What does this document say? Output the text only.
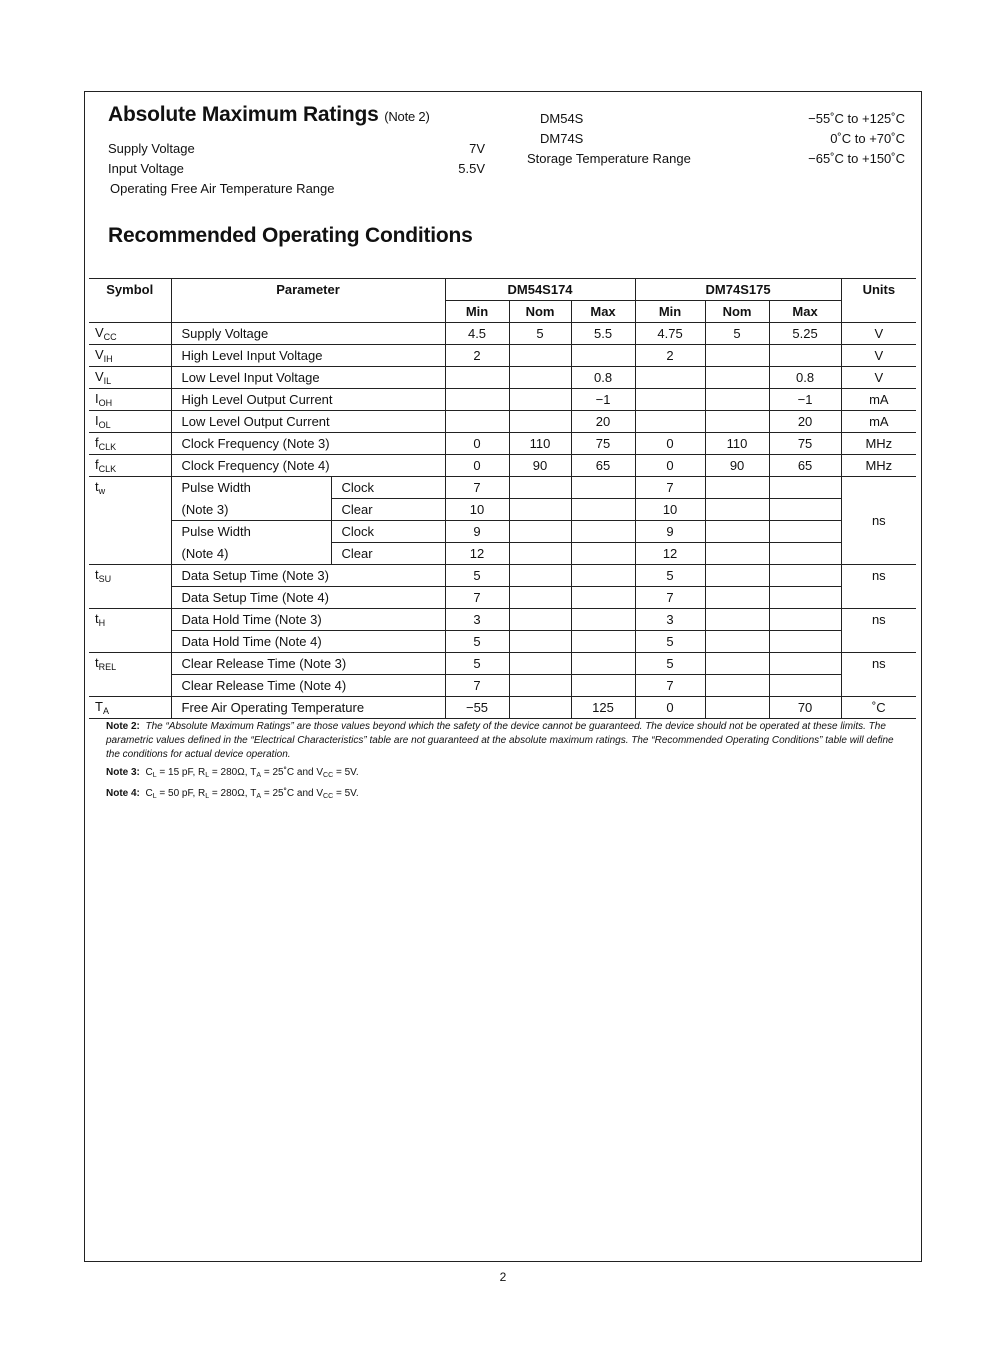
Absolute Maximum Ratings (Note 2)
Supply Voltage	7V
Input Voltage	5.5V
Operating Free Air Temperature Range
DM54S	−55˚C to +125˚C
DM74S	0˚C to +70˚C
Storage Temperature Range	−65˚C to +150˚C
Recommended Operating Conditions
Symbol	Parameter		DM54S174			DM74S175			Units
			Min	Nom	Max	Min	Nom	Max	
$V_{CC}$	Supply Voltage		4.5	5	5.5	4.75	5	5.25	V
$V_{IH}$	High Level Input Voltage		2			2			V
$V_{IL}$	Low Level Input Voltage				0.8			0.8	V
$I_{OH}$	High Level Output Current				−1			−1	mA
$I_{OL}$	Low Level Output Current				20			20	mA
$f_{CLK}$	Clock Frequency (Note 3)		0	110	75	0	110	75	MHz
$f_{CLK}$	Clock Frequency (Note 4)		0	90	65	0	90	65	MHz
$t_w$	Pulse Width	Clock	7			7			ns
	(Note 3)	Clear	10			10			
	Pulse Width	Clock	9			9			
	(Note 4)	Clear	12			12			
$t_{SU}$	Data Setup Time (Note 3)		5			5			ns
	Data Setup Time (Note 4)		7			7			
$t_H$	Data Hold Time (Note 3)		3			3			ns
	Data Hold Time (Note 4)		5			5			
$t_{REL}$	Clear Release Time (Note 3)		5			5			ns
	Clear Release Time (Note 4)		7			7			
$T_A$	Free Air Operating Temperature		−55		125	0		70	˚C

Note 2: The “Absolute Maximum Ratings” are those values beyond which the safety of the device cannot be guaranteed. The device should not be operated at these limits. The parametric values defined in the “Electrical Characteristics” table are not guaranteed at the absolute maximum ratings. The “Recommended Operating Conditions” table will define the conditions for actual device operation.

Note 3: $C_L = 15$ pF, $R_L = 280\Omega$, $T_A$ = 25˚C and $V_{CC} = 5V$.

Note 4: $C_L = 50$ pF, $R_L = 280\Omega$, $T_A$ = 25˚C and $V_{CC} = 5V$.

2
